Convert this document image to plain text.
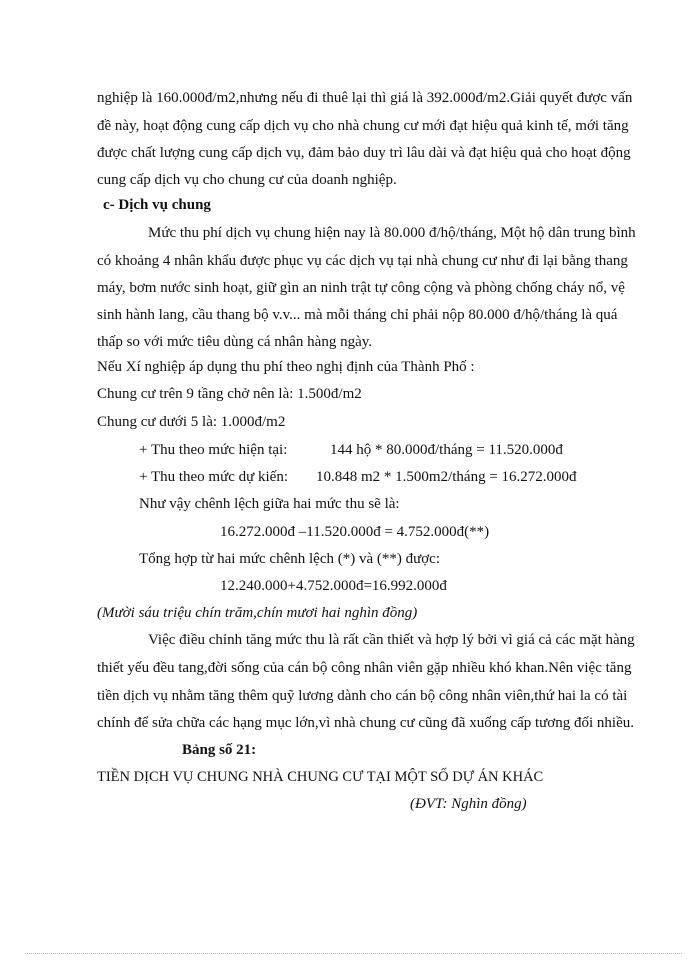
nghiệp là 160.000đ/m2,nhưng nếu đi thuê lại thì giá là 392.000đ/m2.Giải quyết được vấn
đề này, hoạt động cung cấp dịch vụ cho nhà chung cư mới đạt hiệu quả kinh tế, mới tăng
được chất lượng cung cấp dịch vụ, đảm bảo duy trì lâu dài và đạt hiệu quả cho hoạt động
cung cấp dịch vụ cho chung cư của doanh nghiệp.
c- Dịch vụ chung
Mức thu phí dịch vụ chung hiện nay là 80.000 đ/hộ/tháng, Một hộ dân trung bình
có khoảng 4 nhân khẩu được phục vụ các dịch vụ tại nhà chung cư như đi lại bằng thang
máy, bơm nước sinh hoạt, giữ gìn an ninh trật tự công cộng và phòng chống cháy nổ, vệ
sinh hành lang, cầu thang bộ v.v... mà mỗi tháng chỉ phải nộp 80.000 đ/hộ/tháng là quá
thấp so với mức tiêu dùng cá nhân hàng ngày.
Nếu Xí nghiệp áp dụng thu phí theo nghị định của Thành Phố :
Chung cư trên 9 tầng chở nên là: 1.500đ/m2
Chung cư dưới 5 là: 1.000đ/m2
+ Thu theo mức hiện tại:	144 hộ * 80.000đ/tháng = 11.520.000đ
+ Thu theo mức dự kiến: 10.848 m2 * 1.500m2/tháng = 16.272.000đ
Như vậy chênh lệch giữa hai mức thu sẽ là:
16.272.000đ –11.520.000đ = 4.752.000đ(**)
Tổng hợp từ hai mức chênh lệch (*) và (**) được:
12.240.000+4.752.000đ=16.992.000đ
(Mười sáu triệu chín trăm,chín mươi hai nghìn đồng)
Việc điều chỉnh tăng mức thu là rất cần thiết và hợp lý bởi vì giá cả các mặt hàng
thiết yếu đều tang,đời sống của cán bộ công nhân viên gặp nhiều khó khan.Nên việc tăng
tiền dịch vụ nhằm tăng thêm quỹ lương dành cho cán bộ công nhân viên,thứ hai la có tài
chính để sửa chữa các hạng mục lớn,vì nhà chung cư cũng đã xuống cấp tương đối nhiều.
Bảng số 21:
TIỀN DỊCH VỤ CHUNG NHÀ CHUNG CƯ TẠI MỘT SỐ DỰ ÁN KHÁC
(ĐVT: Nghìn đồng)
